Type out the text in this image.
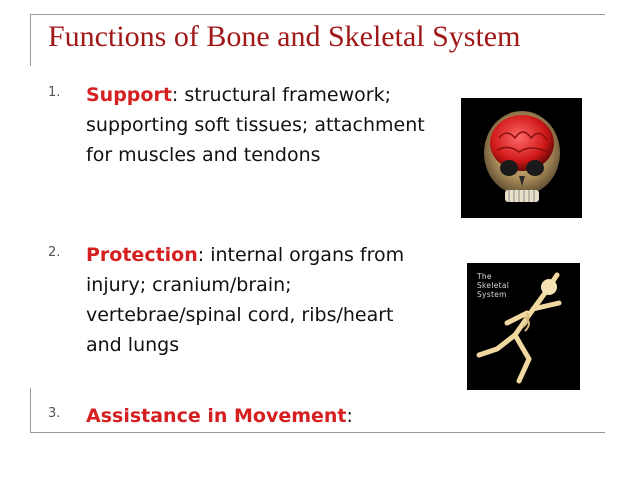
Functions of Bone and Skeletal System
1. Support: structural framework; supporting soft tissues; attachment for muscles and tendons
2. Protection: internal organs from injury; cranium/brain; vertebrae/spinal cord, ribs/heart and lungs
3. Assistance in Movement:
The
Skeletal
System
